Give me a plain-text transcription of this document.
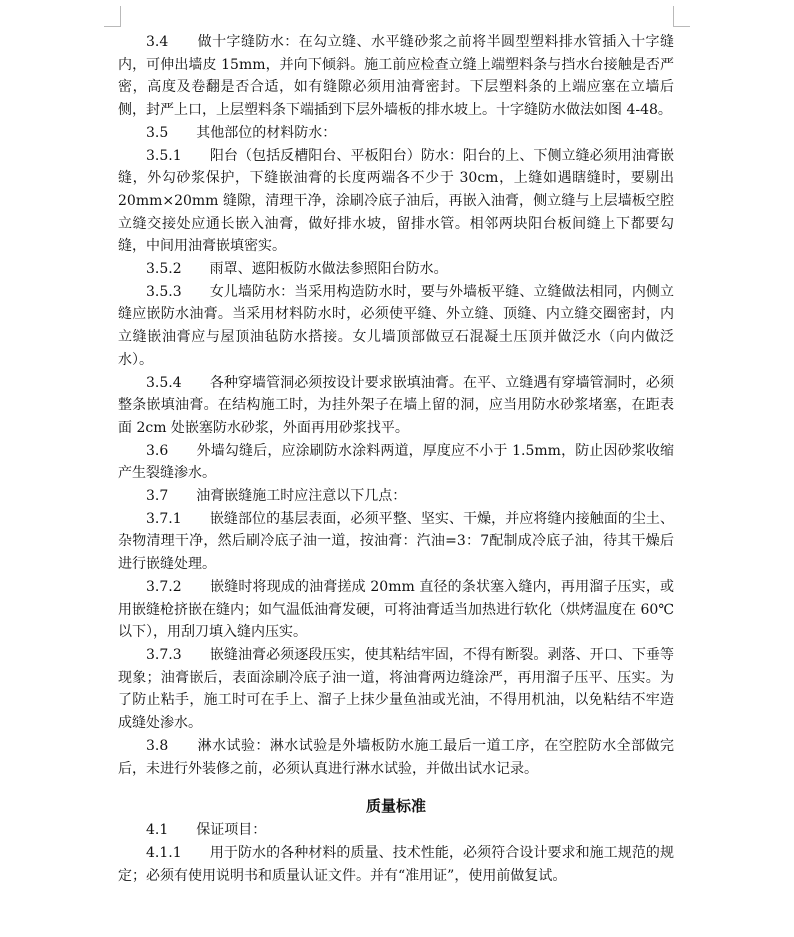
3.4　　做十字缝防水：在勾立缝、水平缝砂浆之前将半圆型塑料排水管插入十字缝内，可伸出墙皮 15mm，并向下倾斜。施工前应检查立缝上端塑料条与挡水台接触是否严密，高度及卷翻是否合适，如有缝隙必须用油膏密封。下层塑料条的上端应塞在立墙后侧，封严上口，上层塑料条下端插到下层外墙板的排水坡上。十字缝防水做法如图 4-48。

3.5　　其他部位的材料防水：

3.5.1　　阳台（包括反槽阳台、平板阳台）防水：阳台的上、下侧立缝必须用油膏嵌缝，外勾砂浆保护，下缝嵌油膏的长度两端各不少于 30cm，上缝如遇瞎缝时，要剔出 20mm×20mm 缝隙，清理干净，涂刷冷底子油后，再嵌入油膏，侧立缝与上层墙板空腔立缝交接处应通长嵌入油膏，做好排水坡，留排水管。相邻两块阳台板间缝上下都要勾缝，中间用油膏嵌填密实。

3.5.2　　雨罩、遮阳板防水做法参照阳台防水。

3.5.3　　女儿墙防水：当采用构造防水时，要与外墙板平缝、立缝做法相同，内侧立缝应嵌防水油膏。当采用材料防水时，必须使平缝、外立缝、顶缝、内立缝交圈密封，内立缝嵌油膏应与屋顶油毡防水搭接。女儿墙顶部做豆石混凝土压顶并做泛水（向内做泛水）。

3.5.4　　各种穿墙管洞必须按设计要求嵌填油膏。在平、立缝遇有穿墙管洞时，必须整条嵌填油膏。在结构施工时，为挂外架子在墙上留的洞，应当用防水砂浆堵塞，在距表面 2cm 处嵌塞防水砂浆，外面再用砂浆找平。

3.6　　外墙勾缝后，应涂刷防水涂料两道，厚度应不小于 1.5mm，防止因砂浆收缩产生裂缝渗水。

3.7　　油膏嵌缝施工时应注意以下几点：

3.7.1　　嵌缝部位的基层表面，必须平整、坚实、干燥，并应将缝内接触面的尘土、杂物清理干净，然后刷冷底子油一道，按油膏：汽油=3：7配制成冷底子油，待其干燥后进行嵌缝处理。

3.7.2　　嵌缝时将现成的油膏搓成 20mm 直径的条状塞入缝内，再用溜子压实，或用嵌缝枪挤嵌在缝内；如气温低油膏发硬，可将油膏适当加热进行软化（烘烤温度在 60℃以下），用刮刀填入缝内压实。

3.7.3　　嵌缝油膏必须逐段压实，使其粘结牢固，不得有断裂。剥落、开口、下垂等现象；油膏嵌后，表面涂刷冷底子油一道，将油膏两边缝涂严，再用溜子压平、压实。为了防止粘手，施工时可在手上、溜子上抹少量鱼油或光油，不得用机油，以免粘结不牢造成缝处渗水。

3.8　　淋水试验：淋水试验是外墙板防水施工最后一道工序，在空腔防水全部做完后，未进行外装修之前，必须认真进行淋水试验，并做出试水记录。

质量标准

4.1　　保证项目：

4.1.1　　用于防水的各种材料的质量、技术性能，必须符合设计要求和施工规范的规定；必须有使用说明书和质量认证文件。并有“准用证”，使用前做复试。
